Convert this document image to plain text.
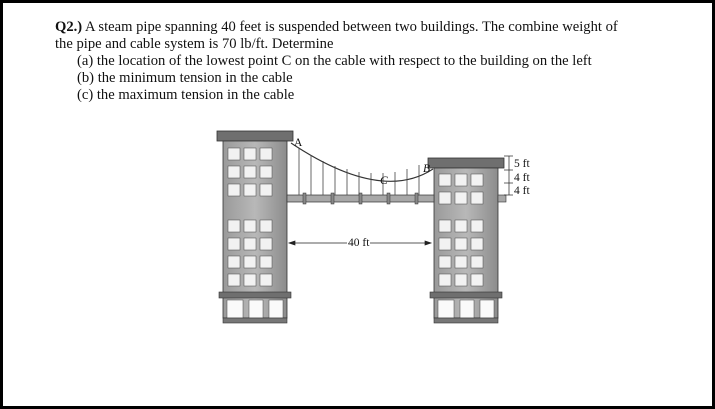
Q2.) A steam pipe spanning 40 feet is suspended between two buildings. The combine weight of

the pipe and cable system is 70 lb/ft. Determine

(a) the location of the lowest point C on the cable with respect to the building on the left

(b) the minimum tension in the cable

(c) the maximum tension in the cable

A
B
C
40 ft
5 ft
4 ft
4 ft
